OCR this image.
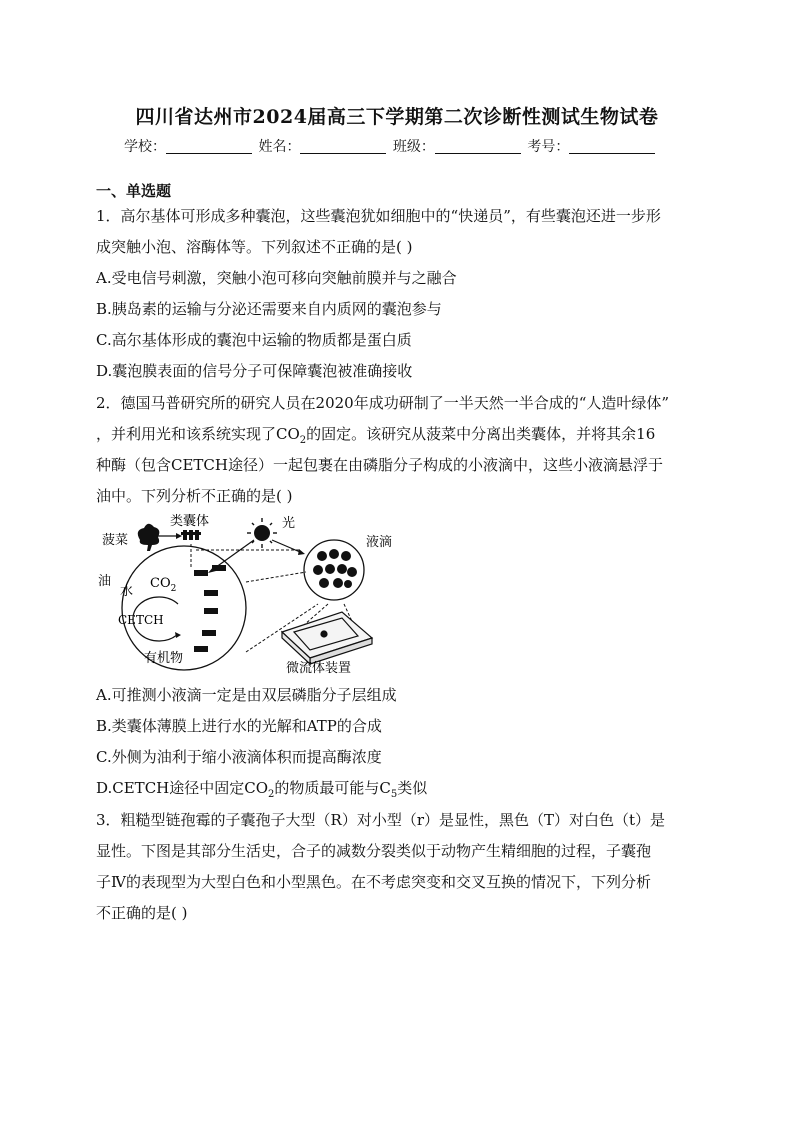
四川省达州市2024届高三下学期第二次诊断性测试生物试卷
学校：	姓名：	班级：	考号：
一、单选题
1．高尔基体可形成多种囊泡，这些囊泡犹如细胞中的“快递员”，有些囊泡还进一步形
成突触小泡、溶酶体等。下列叙述不正确的是( )
A.受电信号刺激，突触小泡可移向突触前膜并与之融合
B.胰岛素的运输与分泌还需要来自内质网的囊泡参与
C.高尔基体形成的囊泡中运输的物质都是蛋白质
D.囊泡膜表面的信号分子可保障囊泡被准确接收
2．德国马普研究所的研究人员在2020年成功研制了一半天然一半合成的“人造叶绿体”
，并利用光和该系统实现了$CO_2$的固定。该研究从菠菜中分离出类囊体，并将其余16
种酶（包含CETCH途径）一起包裹在由磷脂分子构成的小液滴中，这些小液滴悬浮于
油中。下列分析不正确的是( )
菠菜
类囊体	光
油
水
$CO_2$
CETCH
有机物
液滴
微流体装置
A.可推测小液滴一定是由双层磷脂分子层组成
B.类囊体薄膜上进行水的光解和ATP的合成
C.外侧为油利于缩小液滴体积而提高酶浓度
D.CETCH途径中固定$CO_2$的物质最可能与$C_5$类似
3．粗糙型链孢霉的子囊孢子大型（R）对小型（r）是显性，黑色（T）对白色（t）是
显性。下图是其部分生活史，合子的减数分裂类似于动物产生精细胞的过程，子囊孢
子Ⅳ的表现型为大型白色和小型黑色。在不考虑突变和交叉互换的情况下，下列分析
不正确的是( )
